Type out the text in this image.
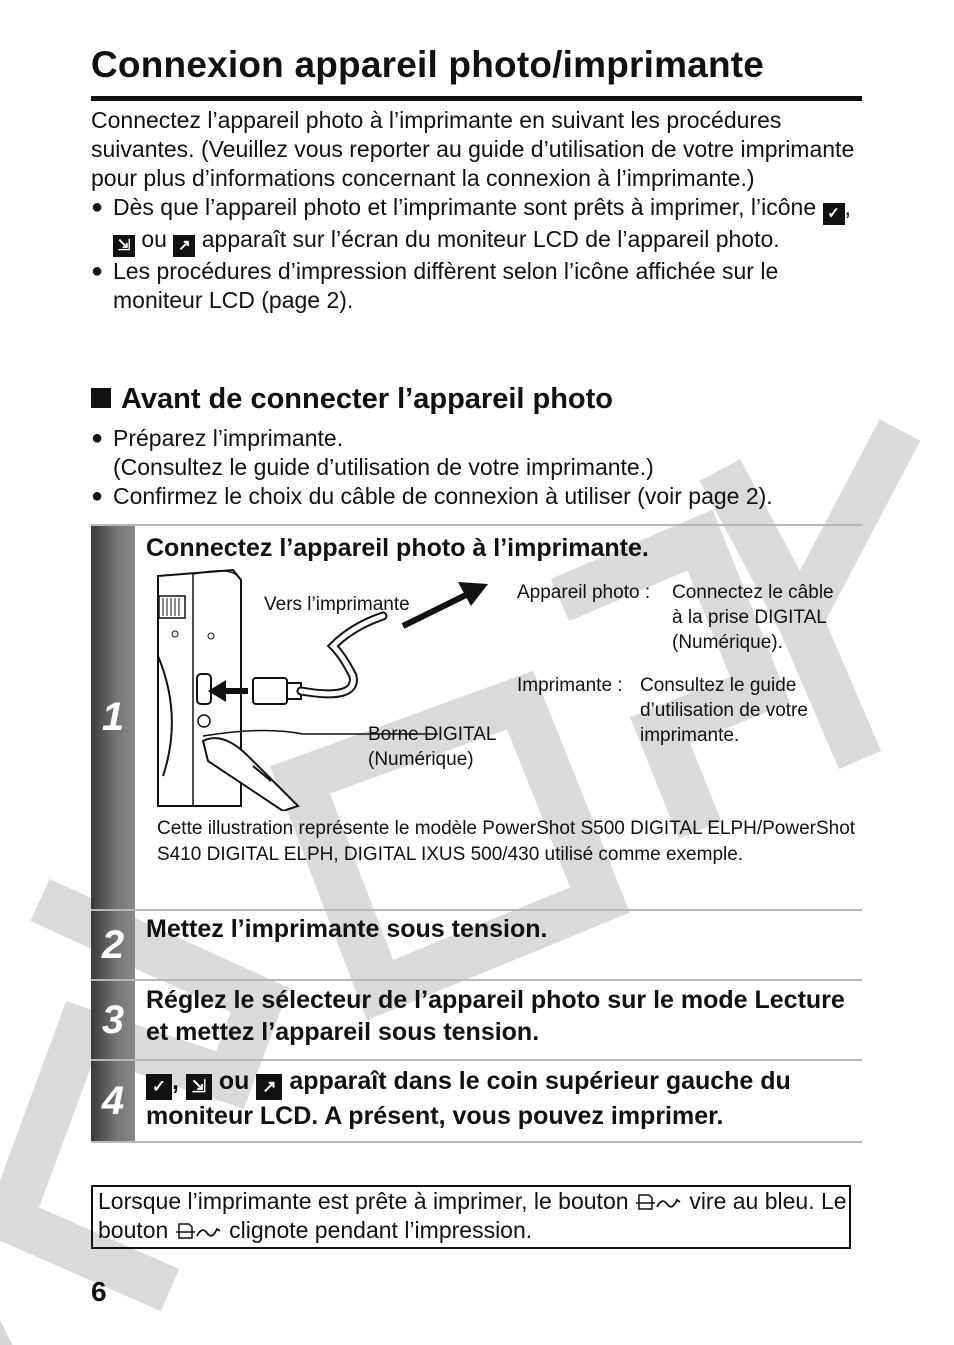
Connexion appareil photo/imprimante

Connectez l’appareil photo à l’imprimante en suivant les procédures suivantes. (Veuillez vous reporter au guide d’utilisation de votre imprimante pour plus d’informations concernant la connexion à l’imprimante.)

● Dès que l’appareil photo et l’imprimante sont prêts à imprimer, l’icône ✓ , ⇲ ou ↗ apparaît sur l’écran du moniteur LCD de l’appareil photo.

● Les procédures d’impression diffèrent selon l’icône affichée sur le moniteur LCD (page 2).

Avant de connecter l’appareil photo
● Préparez l’imprimante.
(Consultez le guide d’utilisation de votre imprimante.)
● Confirmez le choix du câble de connexion à utiliser (voir page 2).
1
Connectez l’appareil photo à l’imprimante.
Vers l’imprimante
Appareil photo : Connectez le câble
à la prise DIGITAL
(Numérique).
Imprimante : Consultez le guide
d’utilisation de votre
imprimante.
Borne DIGITAL
(Numérique)
Cette illustration représente le modèle PowerShot S500 DIGITAL ELPH/PowerShot S410 DIGITAL ELPH, DIGITAL IXUS 500/430 utilisé comme exemple.
2 Mettez l’imprimante sous tension.
3 Réglez le sélecteur de l’appareil photo sur le mode Lecture et mettez l’appareil sous tension.
4	✓ , ⇲ ou ↗ apparaît dans le coin supérieur gauche du moniteur LCD. A présent, vous pouvez imprimer.
Lorsque l’imprimante est prête à imprimer, le bouton	vire au bleu. Le bouton	clignote pendant l’impression.
6
